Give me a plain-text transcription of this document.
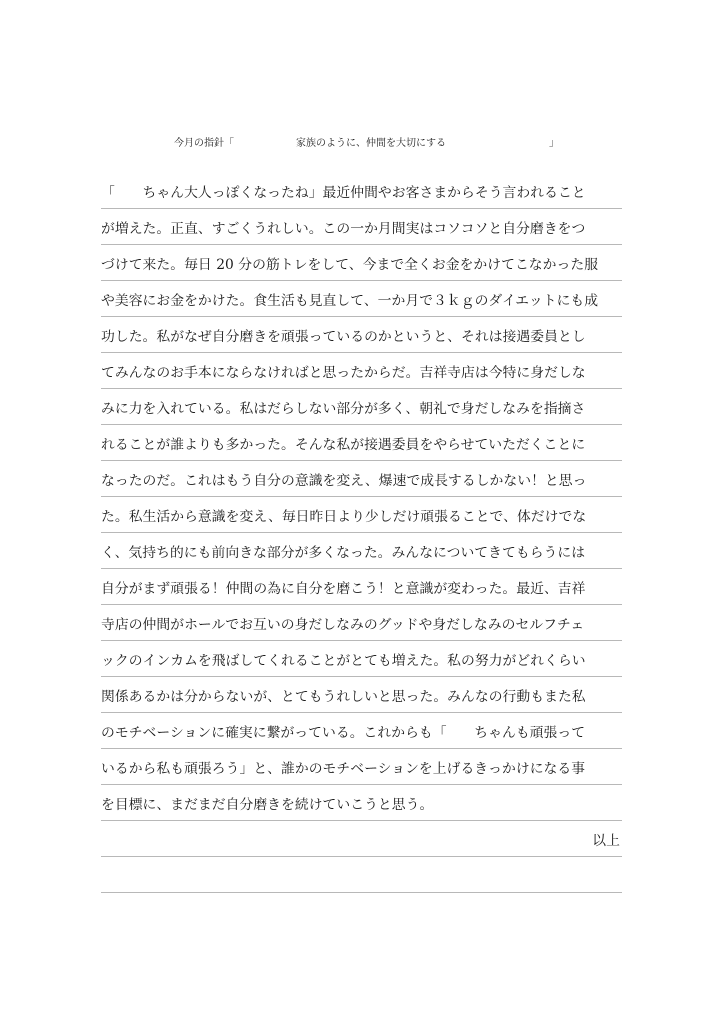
今月の指針「	家族のように、仲間を大切にする	」
「　　ちゃん大人っぽくなったね」最近仲間やお客さまからそう言われること
が増えた。正直、すごくうれしい。この一か月間実はコソコソと自分磨きをつ
づけて来た。毎日 20 分の筋トレをして、今まで全くお金をかけてこなかった服
や美容にお金をかけた。食生活も見直して、一か月で３ｋｇのダイエットにも成
功した。私がなぜ自分磨きを頑張っているのかというと、それは接遇委員とし
てみんなのお手本にならなければと思ったからだ。吉祥寺店は今特に身だしな
みに力を入れている。私はだらしない部分が多く、朝礼で身だしなみを指摘さ
れることが誰よりも多かった。そんな私が接遇委員をやらせていただくことに
なったのだ。これはもう自分の意識を変え、爆速で成長するしかない！と思っ
た。私生活から意識を変え、毎日昨日より少しだけ頑張ることで、体だけでな
く、気持ち的にも前向きな部分が多くなった。みんなについてきてもらうには
自分がまず頑張る！仲間の為に自分を磨こう！と意識が変わった。最近、吉祥
寺店の仲間がホールでお互いの身だしなみのグッドや身だしなみのセルフチェ
ックのインカムを飛ばしてくれることがとても増えた。私の努力がどれくらい
関係あるかは分からないが、とてもうれしいと思った。みんなの行動もまた私
のモチベーションに確実に繋がっている。これからも「　　ちゃんも頑張って
いるから私も頑張ろう」と、誰かのモチベーションを上げるきっかけになる事
を目標に、まだまだ自分磨きを続けていこうと思う。
以上
